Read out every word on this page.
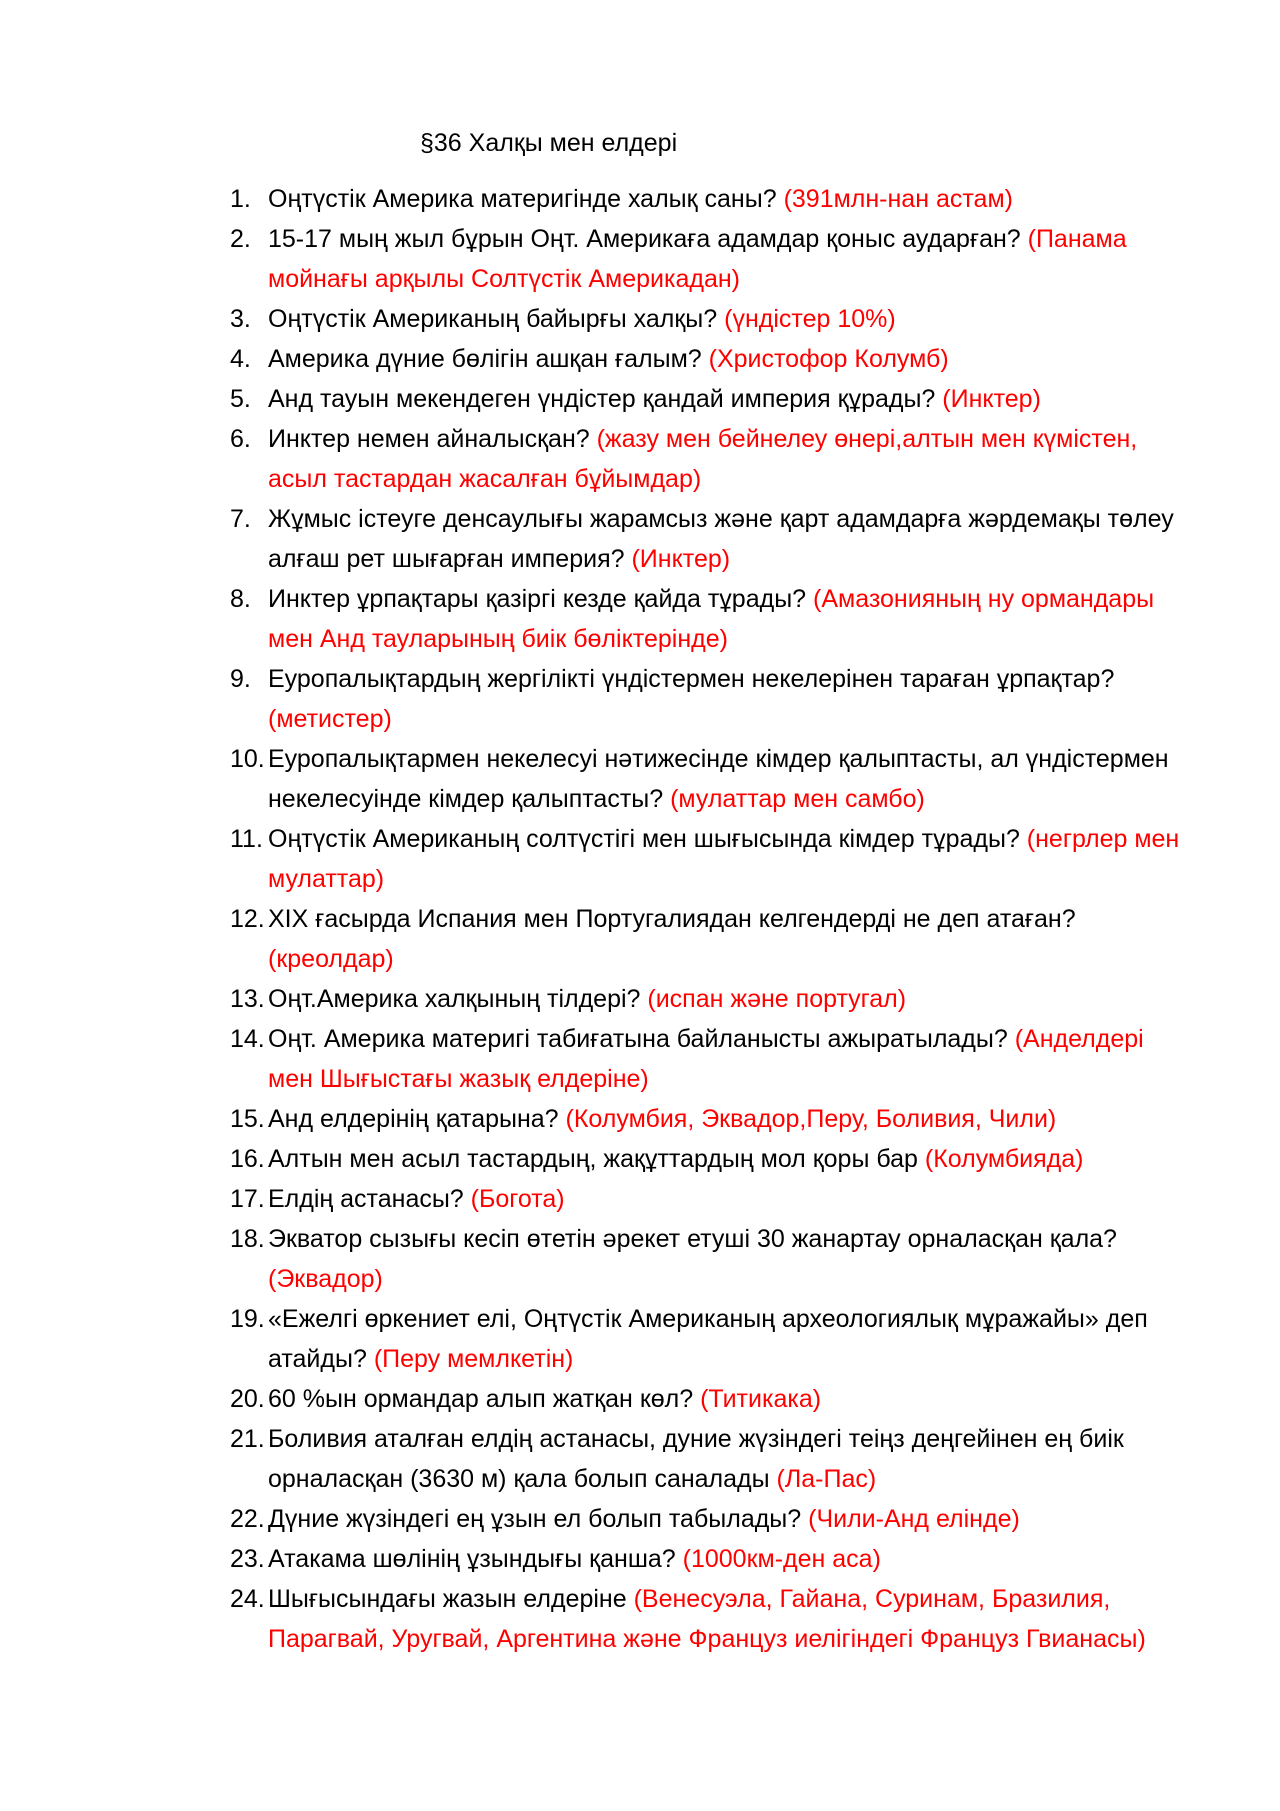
§36 Халқы мен елдері
1. Оңтүстік Америка материгінде халық саны? (391млн-нан астам)
2. 15-17 мың жыл бұрын Оңт. Америкаға адамдар қоныс аударған? (Панама мойнағы арқылы Солтүстік Америкадан)
3. Оңтүстік Американың байырғы халқы? (үндістер 10%)
4. Америка дүние бөлігін ашқан ғалым? (Христофор Колумб)
5. Анд тауын мекендеген үндістер қандай империя құрады? (Инктер)
6. Инктер немен айналысқан? (жазу мен бейнелеу өнері,алтын мен күмістен, асыл тастардан жасалған бұйымдар)
7. Жұмыс істеуге денсаулығы жарамсыз және қарт адамдарға жәрдемақы төлеу алғаш рет шығарған империя? (Инктер)
8. Инктер ұрпақтары қазіргі кезде қайда тұрады? (Амазонияның ну ормандары мен Анд тауларының биік бөліктерінде)
9. Еуропалықтардың жергілікті үндістермен некелерінен тараған ұрпақтар? (метистер)
10. Еуропалықтармен некелесуі нәтижесінде кімдер қалыптасты, ал үндістермен некелесуінде кімдер қалыптасты? (мулаттар мен самбо)
11. Оңтүстік Американың солтүстігі мен шығысында кімдер тұрады? (негрлер мен мулаттар)
12. XIX ғасырда Испания мен Португалиядан келгендерді не деп атаған? (креолдар)
13. Оңт.Америка халқының тілдері? (испан және португал)
14. Оңт. Америка материгі табиғатына байланысты ажыратылады? (Анделдері мен Шығыстағы жазық елдеріне)
15. Анд елдерінің қатарына? (Колумбия, Эквадор,Перу, Боливия, Чили)
16. Алтын мен асыл тастардың, жақұттардың мол қоры бар (Колумбияда)
17. Елдің астанасы? (Богота)
18. Экватор сызығы кесіп өтетін әрекет етуші 30 жанартау орналасқан қала? (Эквадор)
19. «Ежелгі өркениет елі, Оңтүстік Американың археологиялық мұражайы» деп атайды? (Перу мемлкетін)
20. 60 %ын ормандар алып жатқан көл? (Титикака)
21. Боливия аталған елдің астанасы, дуние жүзіндегі теіңз деңгейінен ең биік орналасқан (3630 м) қала болып саналады (Ла-Пас)
22. Дүние жүзіндегі ең ұзын ел болып табылады? (Чили-Анд елінде)
23. Атакама шөлінің ұзындығы қанша? (1000км-ден аса)
24. Шығысындағы жазын елдеріне (Венесуэла, Гайана, Суринам, Бразилия, Парагвай, Уругвай, Аргентина және Француз иелігіндегі Француз Гвианасы)
